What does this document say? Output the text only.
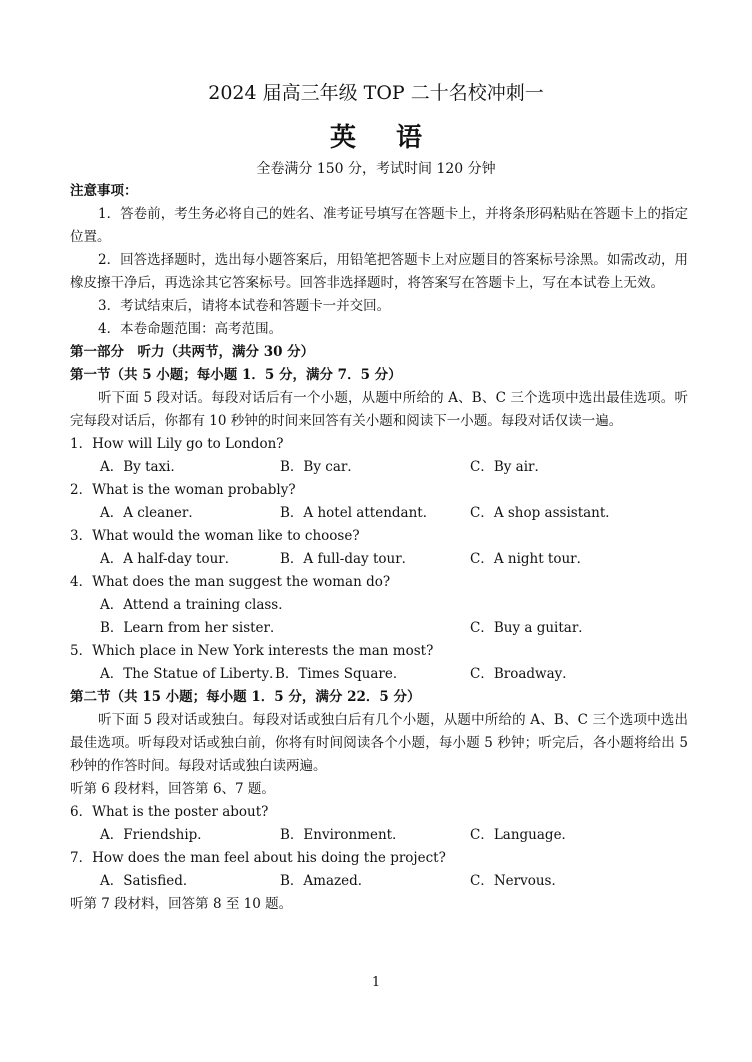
2024 届高三年级 TOP 二十名校冲刺一
英语
全卷满分 150 分，考试时间 120 分钟

注意事项：

1．答卷前，考生务必将自己的姓名、准考证号填写在答题卡上，并将条形码粘贴在答题卡上的指定位置。

2．回答选择题时，选出每小题答案后，用铅笔把答题卡上对应题目的答案标号涂黑。如需改动，用橡皮擦干净后，再选涂其它答案标号。回答非选择题时，将答案写在答题卡上，写在本试卷上无效。

3．考试结束后，请将本试卷和答题卡一并交回。

4．本卷命题范围：高考范围。

第一部分　听力（共两节，满分 30 分）

第一节（共 5 小题；每小题 1．5 分，满分 7．5 分）

听下面 5 段对话。每段对话后有一个小题，从题中所给的 A、B、C 三个选项中选出最佳选项。听完每段对话后，你都有 10 秒钟的时间来回答有关小题和阅读下一小题。每段对话仅读一遍。

1．How will Lily go to London?

A．By taxi．	B．By car．	C．By air．

2．What is the woman probably?

A．A cleaner．	B．A hotel attendant．	C．A shop assistant．

3．What would the woman like to choose?

A．A half-day tour．	B．A full-day tour．	C．A night tour．

4．What does the man suggest the woman do?

A．Attend a training class．
B．Learn from her sister．	C．Buy a guitar．

5．Which place in New York interests the man most?

A．The Statue of Liberty．
B．Times Square．	C．Broadway．

第二节（共 15 小题；每小题 1．5 分，满分 22．5 分）

听下面 5 段对话或独白。每段对话或独白后有几个小题，从题中所给的 A、B、C 三个选项中选出最佳选项。听每段对话或独白前，你将有时间阅读各个小题，每小题 5 秒钟；听完后，各小题将给出 5 秒钟的作答时间。每段对话或独白读两遍。

听第 6 段材料，回答第 6、7 题。

6．What is the poster about?

A．Friendship．	B．Environment．	C．Language．

7．How does the man feel about his doing the project?

A．Satisfied．	B．Amazed．	C．Nervous．

听第 7 段材料，回答第 8 至 10 题。

1
